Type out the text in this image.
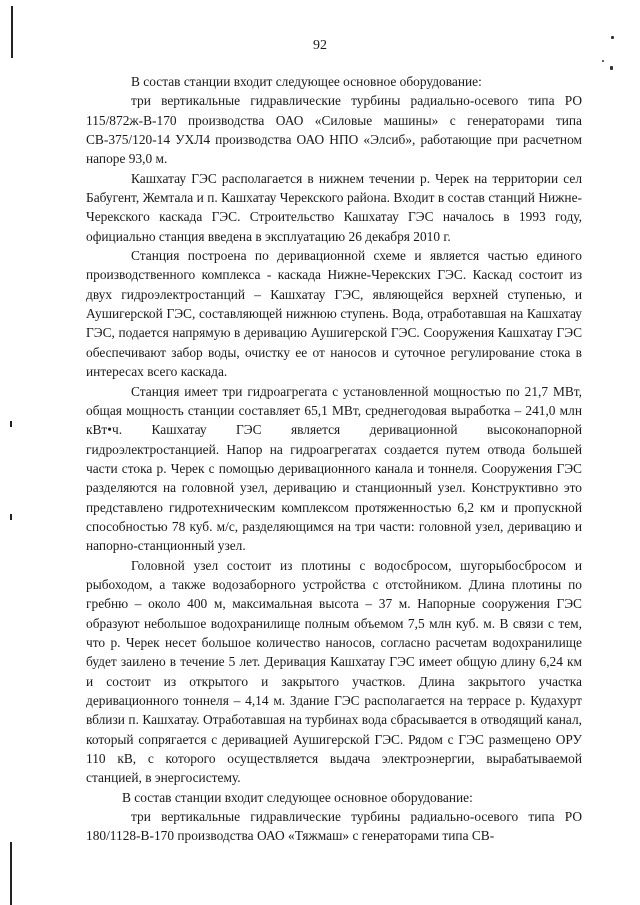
92

В состав станции входит следующее основное оборудование:

три вертикальные гидравлические турбины радиально-осевого типа РО 115/872ж-В-170 производства ОАО «Силовые машины» с генераторами типа СВ-375/120-14 УХЛ4 производства ОАО НПО «Элсиб», работающие при расчетном напоре 93,0 м.

Кашхатау ГЭС располагается в нижнем течении р. Черек на территории сел Бабугент, Жемтала и п. Кашхатау Черекского района. Входит в состав станций Нижне-Черекского каскада ГЭС. Строительство Кашхатау ГЭС началось в 1993 году, официально станция введена в эксплуатацию 26 декабря 2010 г.

Станция построена по деривационной схеме и является частью единого производственного комплекса - каскада Нижне-Черекских ГЭС. Каскад состоит из двух гидроэлектростанций – Кашхатау ГЭС, являющейся верхней ступенью, и Аушигерской ГЭС, составляющей нижнюю ступень. Вода, отработавшая на Кашхатау ГЭС, подается напрямую в деривацию Аушигерской ГЭС. Сооружения Кашхатау ГЭС обеспечивают забор воды, очистку ее от наносов и суточное регулирование стока в интересах всего каскада.

Станция имеет три гидроагрегата с установленной мощностью по 21,7 МВт, общая мощность станции составляет 65,1 МВт, среднегодовая выработка – 241,0 млн кВт•ч. Кашхатау ГЭС является деривационной высоконапорной гидроэлектростанцией. Напор на гидроагрегатах создается путем отвода большей части стока р. Черек с помощью деривационного канала и тоннеля. Сооружения ГЭС разделяются на головной узел, деривацию и станционный узел. Конструктивно это представлено гидротехническим комплексом протяженностью 6,2 км и пропускной способностью 78 куб. м/с, разделяющимся на три части: головной узел, деривацию и напорно-станционный узел.

Головной узел состоит из плотины с водосбросом, шугорыбосбросом и рыбоходом, а также водозаборного устройства с отстойником. Длина плотины по гребню – около 400 м, максимальная высота – 37 м. Напорные сооружения ГЭС образуют небольшое водохранилище полным объемом 7,5 млн куб. м. В связи с тем, что р. Черек несет большое количество наносов, согласно расчетам водохранилище будет заилено в течение 5 лет. Деривация Кашхатау ГЭС имеет общую длину 6,24 км и состоит из открытого и закрытого участков. Длина закрытого участка деривационного тоннеля – 4,14 м. Здание ГЭС располагается на террасе р. Кудахурт вблизи п. Кашхатау. Отработавшая на турбинах вода сбрасывается в отводящий канал, который сопрягается с деривацией Аушигерской ГЭС. Рядом с ГЭС размещено ОРУ 110 кВ, с которого осуществляется выдача электроэнергии, вырабатываемой станцией, в энергосистему.

В состав станции входит следующее основное оборудование:

три вертикальные гидравлические турбины радиально-осевого типа РО 180/1128-В-170 производства ОАО «Тяжмаш» с генераторами типа СВ-
